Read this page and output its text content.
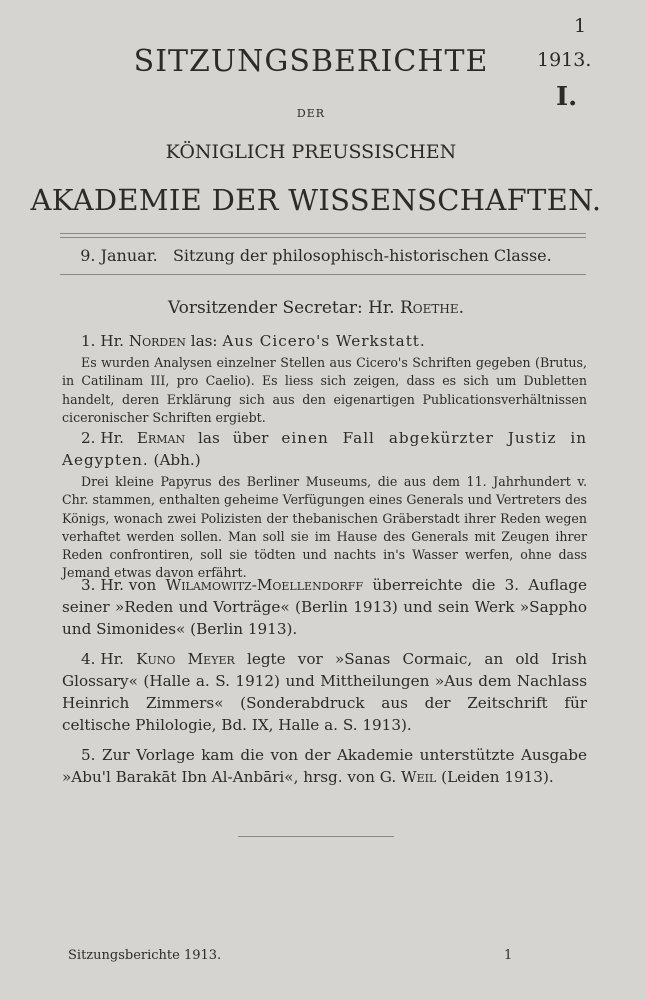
1
SITZUNGSBERICHTE	1913.
I.
DER
KÖNIGLICH PREUSSISCHEN
AKADEMIE DER WISSENSCHAFTEN.
9. Januar.   Sitzung der philosophisch-historischen Classe.
Vorsitzender Secretar: Hr. Roethe.
1. Hr. Norden las: Aus Cicero's Werkstatt.
Es wurden Analysen einzelner Stellen aus Cicero's Schriften gegeben (Brutus, in Catilinam III, pro Caelio). Es liess sich zeigen, dass es sich um Dubletten handelt, deren Erklärung sich aus den eigenartigen Publicationsverhältnissen ciceronischer Schriften ergiebt.
2. Hr. Erman las über einen Fall abgekürzter Justiz in Aegypten. (Abh.)
Drei kleine Papyrus des Berliner Museums, die aus dem 11. Jahrhundert v. Chr. stammen, enthalten geheime Verfügungen eines Generals und Vertreters des Königs, wonach zwei Polizisten der thebanischen Gräberstadt ihrer Reden wegen verhaftet werden sollen. Man soll sie im Hause des Generals mit Zeugen ihrer Reden confrontiren, soll sie tödten und nachts in's Wasser werfen, ohne dass Jemand etwas davon erfährt.
3. Hr. von Wilamowitz-Moellendorff überreichte die 3. Auflage seiner »Reden und Vorträge« (Berlin 1913) und sein Werk »Sappho und Simonides« (Berlin 1913).
4. Hr. Kuno Meyer legte vor »Sanas Cormaic, an old Irish Glossary« (Halle a. S. 1912) und Mittheilungen »Aus dem Nachlass Heinrich Zimmers« (Sonderabdruck aus der Zeitschrift für celtische Philologie, Bd. IX, Halle a. S. 1913).
5. Zur Vorlage kam die von der Akademie unterstützte Ausgabe »Abu'l Barakāt Ibn Al-Anbāri«, hrsg. von G. Weil (Leiden 1913).
Sitzungsberichte 1913.	1
